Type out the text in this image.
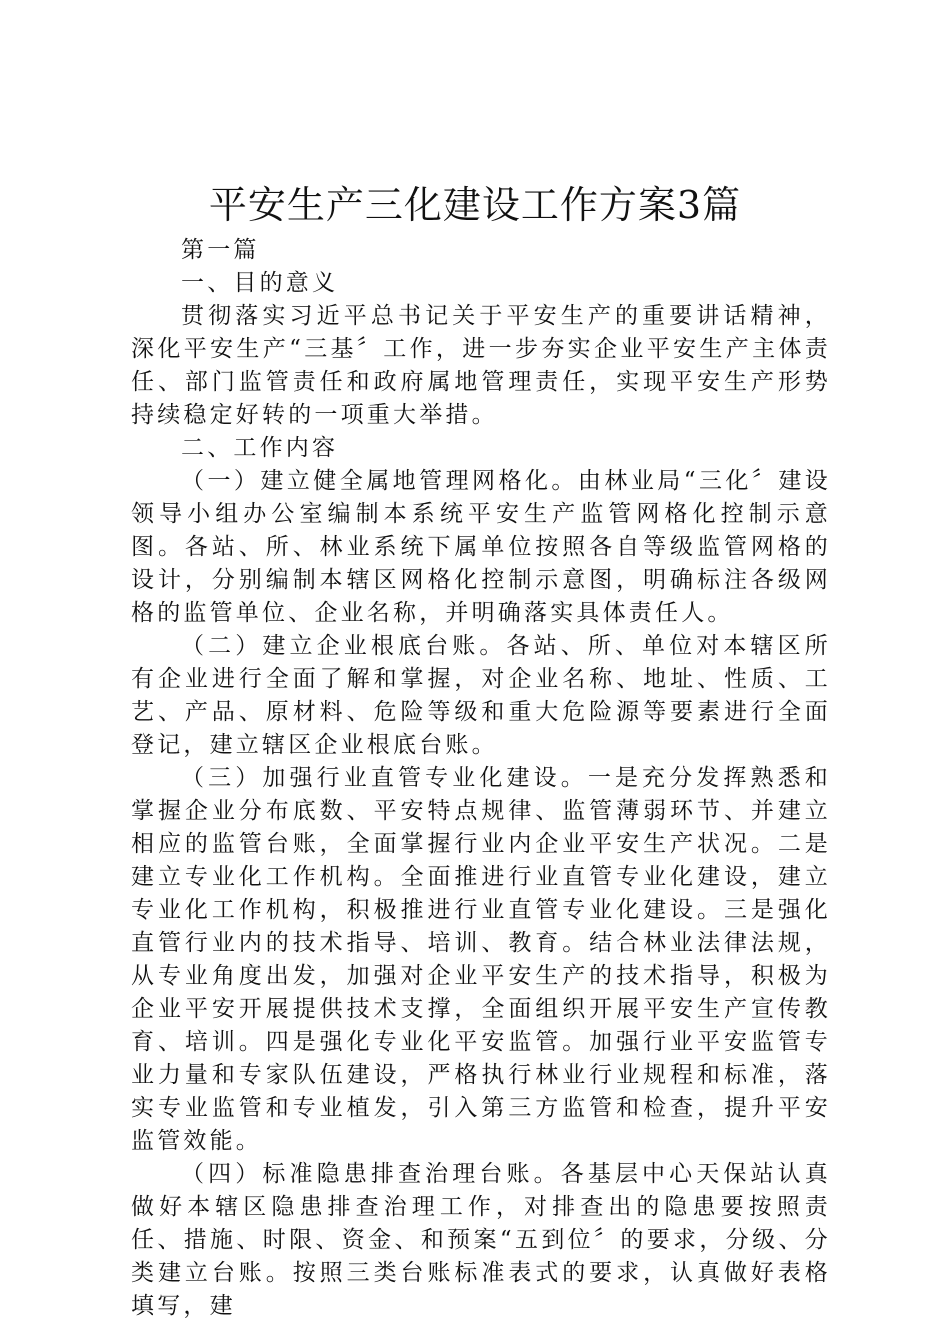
平安生产三化建设工作方案3篇

第一篇

一、目的意义

贯彻落实习近平总书记关于平安生产的重要讲话精神，深化平安生产“三基〞工作，进一步夯实企业平安生产主体责任、部门监管责任和政府属地管理责任，实现平安生产形势持续稳定好转的一项重大举措。

二、工作内容

（一）建立健全属地管理网格化。由林业局“三化〞建设领导小组办公室编制本系统平安生产监管网格化控制示意图。各站、所、林业系统下属单位按照各自等级监管网格的设计，分别编制本辖区网格化控制示意图，明确标注各级网格的监管单位、企业名称，并明确落实具体责任人。

（二）建立企业根底台账。各站、所、单位对本辖区所有企业进行全面了解和掌握，对企业名称、地址、性质、工艺、产品、原材料、危险等级和重大危险源等要素进行全面登记，建立辖区企业根底台账。

（三）加强行业直管专业化建设。一是充分发挥熟悉和掌握企业分布底数、平安特点规律、监管薄弱环节、并建立相应的监管台账，全面掌握行业内企业平安生产状况。二是建立专业化工作机构。全面推进行业直管专业化建设，建立专业化工作机构，积极推进行业直管专业化建设。三是强化直管行业内的技术指导、培训、教育。结合林业法律法规，从专业角度出发，加强对企业平安生产的技术指导，积极为企业平安开展提供技术支撑，全面组织开展平安生产宣传教育、培训。四是强化专业化平安监管。加强行业平安监管专业力量和专家队伍建设，严格执行林业行业规程和标准，落实专业监管和专业植发，引入第三方监管和检查，提升平安监管效能。

（四）标准隐患排查治理台账。各基层中心天保站认真做好本辖区隐患排查治理工作，对排查出的隐患要按照责任、措施、时限、资金、和预案“五到位〞的要求，分级、分类建立台账。按照三类台账标准表式的要求，认真做好表格填写，建
